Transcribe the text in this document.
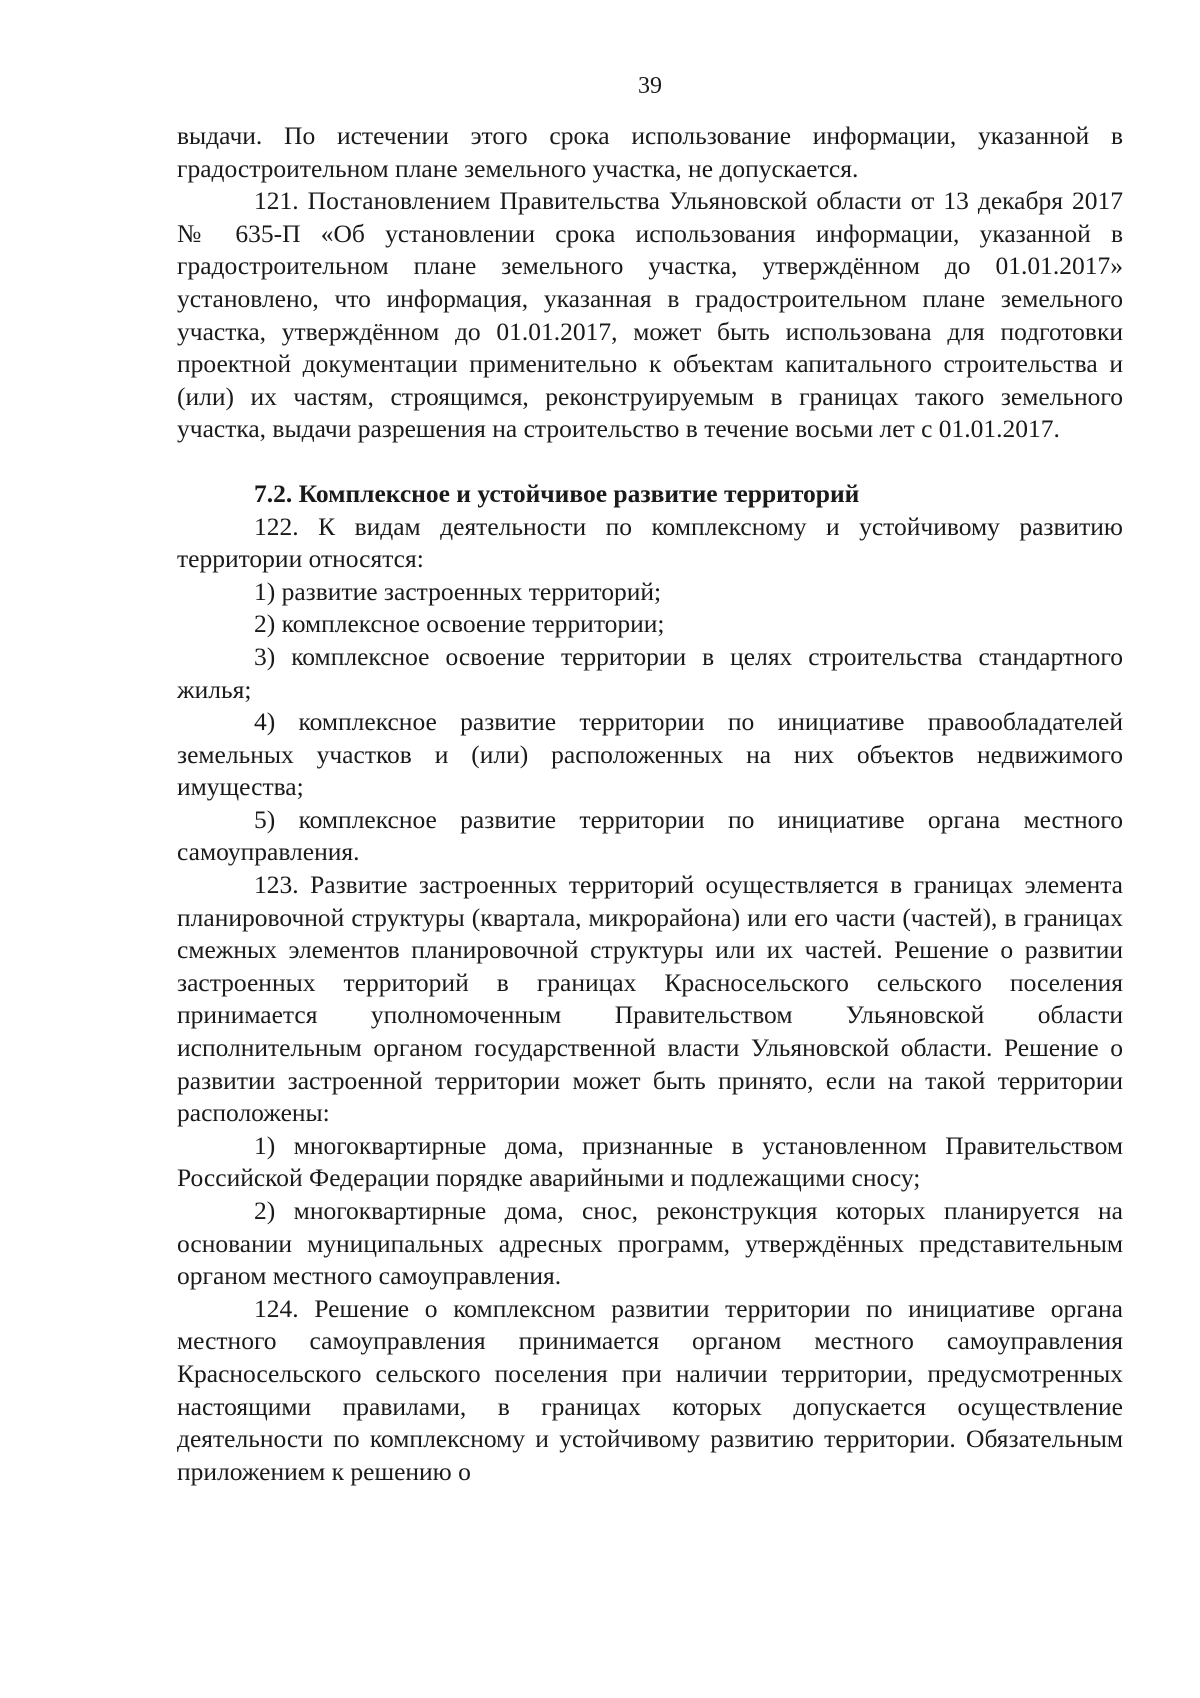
39

выдачи. По истечении этого срока использование информации, указанной в градостроительном плане земельного участка, не допускается.

121. Постановлением Правительства Ульяновской области от 13 декабря 2017 № 635-П «Об установлении срока использования информации, указанной в градостроительном плане земельного участка, утверждённом до 01.01.2017» установлено, что информация, указанная в градостроительном плане земельного участка, утверждённом до 01.01.2017, может быть использована для подготовки проектной документации применительно к объектам капитального строительства и (или) их частям, строящимся, реконструируемым в границах такого земельного участка, выдачи разрешения на строительство в течение восьми лет с 01.01.2017.

7.2. Комплексное и устойчивое развитие территорий

122. К видам деятельности по комплексному и устойчивому развитию территории относятся:

1) развитие застроенных территорий;

2) комплексное освоение территории;

3) комплексное освоение территории в целях строительства стандартного жилья;

4) комплексное развитие территории по инициативе правообладателей земельных участков и (или) расположенных на них объектов недвижимого имущества;

5) комплексное развитие территории по инициативе органа местного самоуправления.

123. Развитие застроенных территорий осуществляется в границах элемента планировочной структуры (квартала, микрорайона) или его части (частей), в границах смежных элементов планировочной структуры или их частей. Решение о развитии застроенных территорий в границах Красносельского сельского поселения принимается уполномоченным Правительством Ульяновской области исполнительным органом государственной власти Ульяновской области. Решение о развитии застроенной территории может быть принято, если на такой территории расположены:

1) многоквартирные дома, признанные в установленном Правительством Российской Федерации порядке аварийными и подлежащими сносу;

2) многоквартирные дома, снос, реконструкция которых планируется на основании муниципальных адресных программ, утверждённых представительным органом местного самоуправления.

124. Решение о комплексном развитии территории по инициативе органа местного самоуправления принимается органом местного самоуправления Красносельского сельского поселения при наличии территории, предусмотренных настоящими правилами, в границах которых допускается осуществление деятельности по комплексному и устойчивому развитию территории. Обязательным приложением к решению о
